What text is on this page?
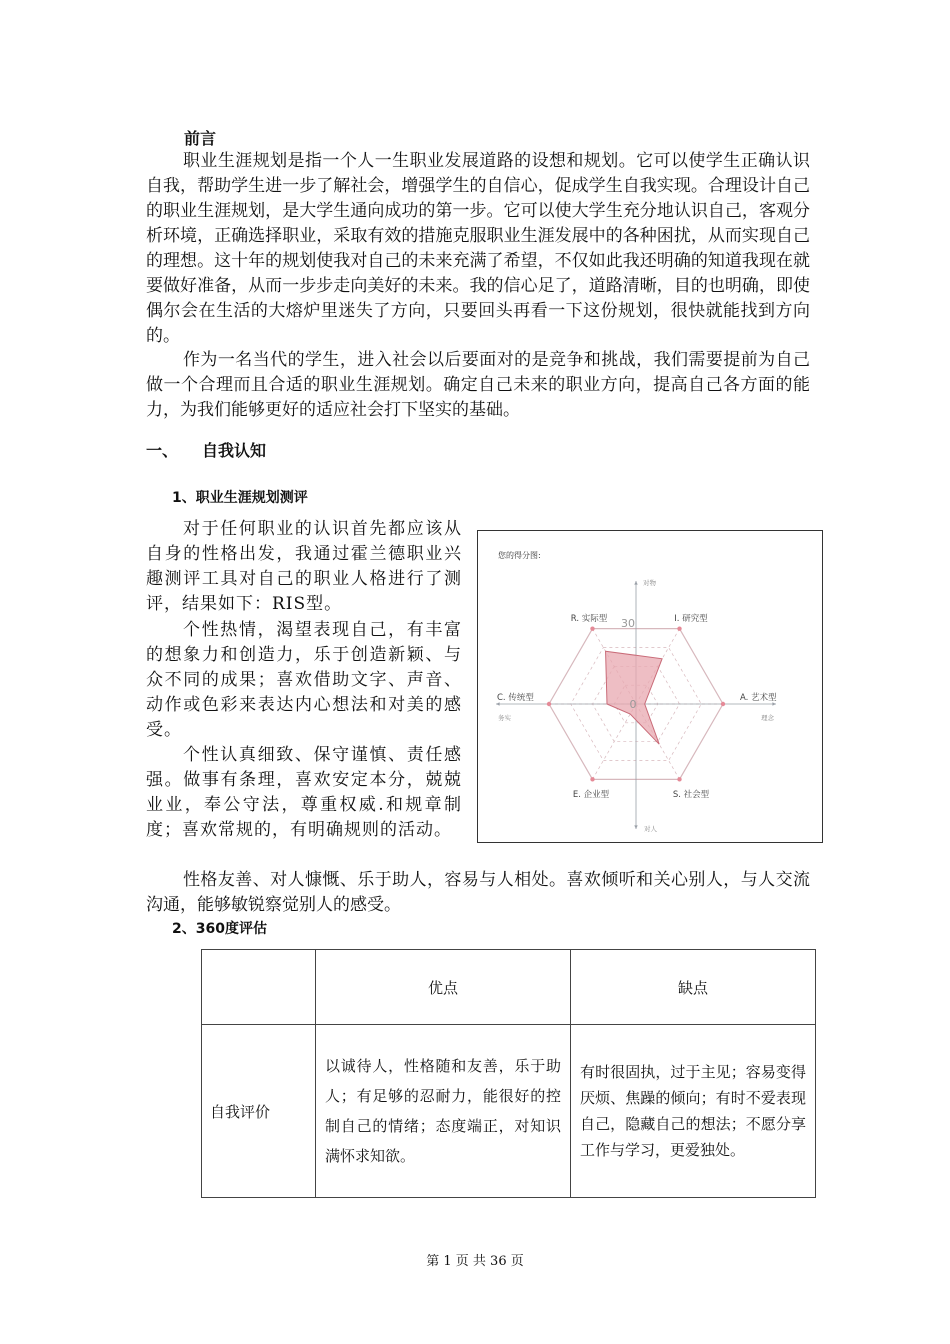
前言

职业生涯规划是指一个人一生职业发展道路的设想和规划。它可以使学生正确认识自我，帮助学生进一步了解社会，增强学生的自信心，促成学生自我实现。合理设计自己的职业生涯规划，是大学生通向成功的第一步。它可以使大学生充分地认识自己，客观分析环境，正确选择职业，采取有效的措施克服职业生涯发展中的各种困扰，从而实现自己的理想。这十年的规划使我对自己的未来充满了希望，不仅如此我还明确的知道我现在就要做好准备，从而一步步走向美好的未来。我的信心足了，道路清晰，目的也明确，即使偶尔会在生活的大熔炉里迷失了方向，只要回头再看一下这份规划，很快就能找到方向的。

作为一名当代的学生，进入社会以后要面对的是竞争和挑战，我们需要提前为自己做一个合理而且合适的职业生涯规划。确定自己未来的职业方向，提高自己各方面的能力，为我们能够更好的适应社会打下坚实的基础。

一、 自我认知
1、职业生涯规划测评

对于任何职业的认识首先都应该从自身的性格出发，我通过霍兰德职业兴趣测评工具对自己的职业人格进行了测评，结果如下：RIS型。

个性热情，渴望表现自己，有丰富的想象力和创造力，乐于创造新颖、与众不同的成果；喜欢借助文字、声音、动作或色彩来表达内心想法和对美的感受。

个性认真细致、保守谨慎、责任感强。做事有条理，喜欢安定本分，兢兢业业，奉公守法，尊重权威.和规章制度；喜欢常规的，有明确规则的活动。

性格友善、对人慷慨、乐于助人，容易与人相处。喜欢倾听和关心别人，与人交流沟通，能够敏锐察觉别人的感受。

您的得分图:
30
0
R. 实际型	I. 研究型
A. 艺术型
S. 社会型
E. 企业型
C. 传统型
对物
对人
务实	理念
2、360度评估
	优点	缺点
自我评价	以诚待人，性格随和友善，乐于助人；有足够的忍耐力，能很好的控制自己的情绪；态度端正，对知识满怀求知欲。	有时很固执，过于主见；容易变得厌烦、焦躁的倾向；有时不爱表现自己，隐藏自己的想法；不愿分享工作与学习，更爱独处。
第 1 页 共 36 页
